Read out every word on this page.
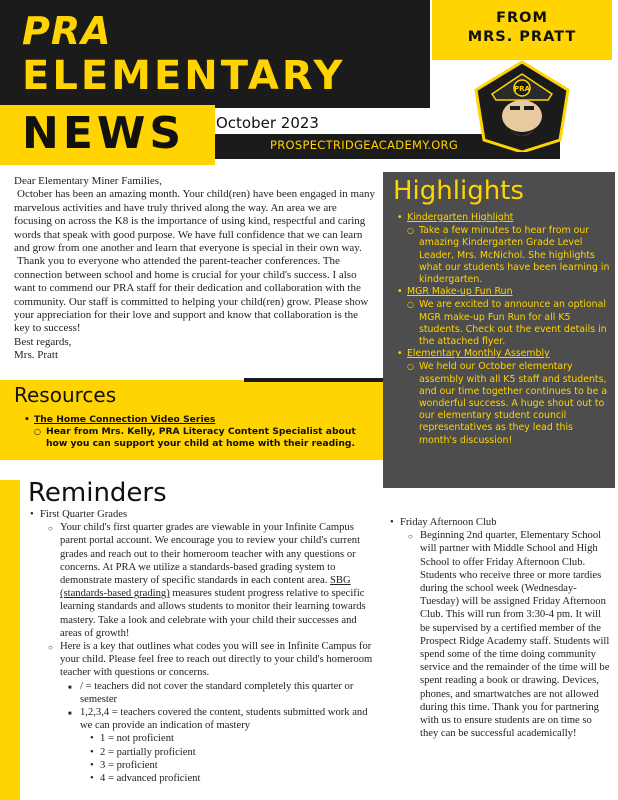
PRA
ELEMENTARY
NEWS October 2023
PROSPECTRIDGEACADEMY.ORG
FROM
MRS. PRATT
PRA

Dear Elementary Miner Families,

October has been an amazing month. Your child(ren) have been engaged in many marvelous activities and have truly thrived along the way. An area we are focusing on across the K8 is the importance of using kind, respectful and caring words that speak with good purpose. We have full confidence that we can learn and grow from one another and learn that everyone is special in their own way.

Thank you to everyone who attended the parent-teacher conferences. The connection between school and home is crucial for your child's success. I also want to commend our PRA staff for their dedication and collaboration with the community. Our staff is committed to helping your child(ren) grow. Please show your appreciation for their love and support and know that collaboration is the key to success!

Best regards,

Mrs. Pratt

Highlights
• Kindergarten Highlight
○ Take a few minutes to hear from our amazing Kindergarten Grade Level Leader, Mrs. McNichol. She highlights what our students have been learning in kindergarten.
• MGR Make-up Fun Run
○ We are excited to announce an optional MGR make-up Fun Run for all K5 students. Check out the event details in the attached flyer.
• Elementary Monthly Assembly
○ We held our October elementary assembly with all K5 staff and students, and our time together continues to be a wonderful success. A huge shout out to our elementary student council representatives as they lead this month's discussion!
Resources
• The Home Connection Video Series
○ Hear from Mrs. Kelly, PRA Literacy Content Specialist about how you can support your child at home with their reading.
Reminders
• First Quarter Grades
○ Your child's first quarter grades are viewable in your Infinite Campus parent portal account. We encourage you to review your child's current grades and reach out to their homeroom teacher with any questions or concerns. At PRA we utilize a standards-based grading system to demonstrate mastery of specific standards in each content area. SBG (standards-based grading) measures student progress relative to specific learning standards and allows students to monitor their learning towards mastery. Take a look and celebrate with your child their successes and areas of growth!
○ Here is a key that outlines what codes you will see in Infinite Campus for your child. Please feel free to reach out directly to your child's homeroom teacher with questions or concerns.
■ / = teachers did not cover the standard completely this quarter or semester
■ 1,2,3,4 = teachers covered the content, students submitted work and we can provide an indication of mastery
• 1 = not proficient
• 2 = partially proficient
• 3 = proficient
• 4 = advanced proficient
• Friday Afternoon Club
○ Beginning 2nd quarter, Elementary School will partner with Middle School and High School to offer Friday Afternoon Club. Students who receive three or more tardies during the school week (Wednesday-Tuesday) will be assigned Friday Afternoon Club. This will run from 3:30-4 pm. It will be supervised by a certified member of the Prospect Ridge Academy staff. Students will spend some of the time doing community service and the remainder of the time will be spent reading a book or drawing. Devices, phones, and smartwatches are not allowed during this time. Thank you for partnering with us to ensure students are on time so they can be successful academically!
